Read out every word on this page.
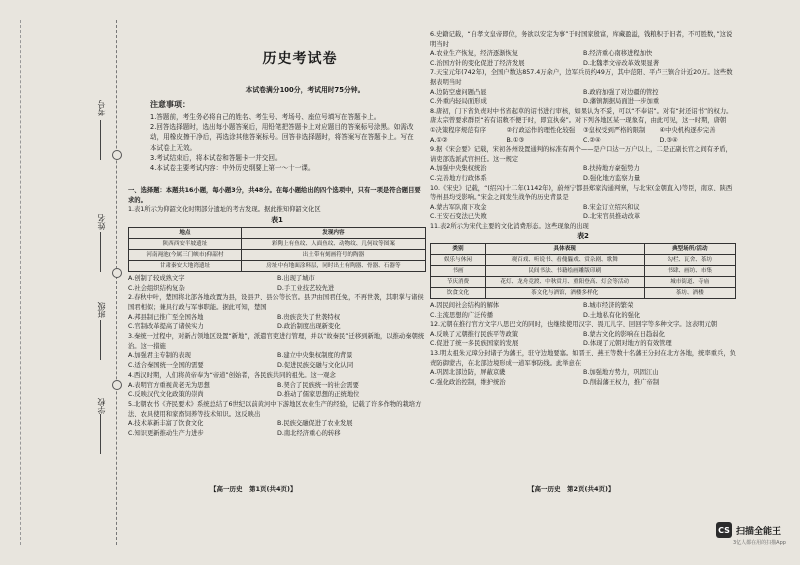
考号
姓名
班级
学校
历史考试卷
本试卷满分100分，考试用时75分钟。
注意事项：

1.答题前，考生务必将自己的姓名、考生号、考场号、座位号填写在答题卡上。

2.回答选择题时，选出每小题答案后，用铅笔把答题卡上对应题目的答案标号涂黑。如需改动，用橡皮擦干净后，再选涂其他答案标号。回答非选择题时，将答案写在答题卡上。写在本试卷上无效。

3.考试结束后，将本试卷和答题卡一并交回。

4.本试卷主要考试内容：中外历史纲要上第一～十一课。

一、选择题：本题共16小题，每小题3分，共48分。在每小题给出的四个选项中，只有一项是符合题目要求的。

1.表1所示为仰韶文化时期部分遗址的考古发现。据此推知仰韶文化区

表1
地点	发现内容
陕西西安半坡遗址	彩陶上有鱼纹、人面鱼纹、动物纹、几何纹等图案
河南渑池(今属三门峡市)仰韶村	出土带有刻画符号的陶器
甘肃秦安大地湾遗址	房址中有地面涂料层，同时出土有陶器、骨器、石器等
A.创制了较成熟文字	B.出现了城市
C.社会组织结构复杂	D.手工业技艺较先进

2.春秋中叶，楚国将北部各地改置为县，设县尹、县公等长官。县尹由国君任免，不再世袭，其职掌与诸侯国君相似；兼具行政与军事职能。据此可知，楚国

A.邦县制已推广至全国各地	B.贵族丧失了世袭特权
C.官制改革提高了诸侯实力	D.政治制度出现新变化

3.秦统一过程中，对新占领地区设置“新地”，派遣官吏进行管理，并以“故秦民”迁移到新地，以推动秦朝统治。这一措施

A.加强君主专制的表现	B.建立中央集权制度的背景
C.适合秦国统一全国的需要	D.促进民族交融与文化认同

4.西汉时期，人们将黄帝奉为“帝道”创始者，各民族共同的祖先。这一观念

A.表明官方重视黄老无为思想	B.契合了民族统一的社会需要
C.反映汉代文化政策的崇尚	D.推动了儒家思想的正统地位

5.北朝农书《齐民要术》系统总结了6世纪以前黄河中下游地区农业生产的经验，记载了许多作物的栽培方法、农具使用和家畜饲养等技术知识。这反映出

A.技术革新丰富了饮食文化	B.民族交融促进了农业发展
C.知识更新推动生产力进步	D.南北经济重心的转移
【高一历史　第1页(共4页)】

6.史籍记载，“自孝文皇帝即位，务欲以安定为事”于时国家殷富，库藏盈溢，钱粮积于旧者，不可胜数，”这说明当时

A.农业生产恢复，经济逐渐恢复	B.经济重心南移进程加快
C.治国方针的变化促进了经济发展	D.北魏孝文帝改革效果显著

7.天宝元年(742年)，全国户数达857.4万余户，边军兵员约49万，其中范阳、平卢三镇合计近20万。这些数据表明当时

A.边防空虚问题凸显	B.政府加强了对边疆的管控
C.外重内轻局面形成	D.藩镇割据局面进一步加重

8.唐初，门下省负责对中书省起草的诏书进行审核，如果认为不妥，可以“不奉诏”。对有“封还诏书”的权力。唐太宗曾要求群臣“若有诏敕不便于时，即宜执奏”。对下列各地区某一现象有，由此可见，这一时期，唐朝

①决策程序规范有序	②行政运作的理性化较强	③皇权受到严格的限制	④中央机构逐步完善
A.①②	B.①③	C.②④	D.③④

9.据《宋会要》记载，宋初各州设置通判的标准有两个——是户口达一万户以上，二是正副长官之间有矛盾，请吏部选派武官担任。这一规定

A.加强中央集权统治	B.扶持地方豪强势力
C.完善地方行政体系	D.强化地方监察力量

10.《宋史》记载，“(绍兴)十二年(1142年)，蔚州宁都县郑家沟通判寨，与北宋(金朝直入)等臣，南京、陕西等州县均受影响。”宋金之间发生战争的历史背景是

A.蒙古军队南下攻金	B.宋金订立绍兴和议
C.王安石变法已失败	D.北宋官员推动改革

11.表2所示为宋代主要的文化消费形态。这些现象的出现

表2
类别	具体表现	典型场所/活动
娱乐与休闲	观百戏、听说书、看傀儡戏、赏杂剧、歌舞	勾栏、瓦舍、茶坊
书画	民间书法、书籍绘画雕版印刷	书肆、画坊、市集
节庆消费	花灯、龙舟竞渡、中秋赏月、重阳登高、灯会等活动	城市街道、寺庙
饮食文化	茶文化与酒馆，酒楼多样化	茶坊、酒楼
A.因民间社会结构的解体	B.城市经济的繁荣
C.主流思想的广泛传播	D.土地私有化的强化

12.元朝在推行官方文字八思巴文的同时，也继续使用汉字、畏兀儿字、回回字等多种文字。这表明元朝

A.反映了元朝推行民族平等政策	B.蒙古文化的影响在日趋弱化
C.促进了统一多民族国家的发展	D.体现了元朝对地方的有效管理

13.明太祖朱元璋分封诸子为藩王，驻守边地要塞。如晋王、燕王等数十名藩王分封在北方各地，统率重兵，负责防御蒙古，在北部边境形成一道军事防线。此举意在

A.巩固北部边防，屏蔽京畿	B.加强地方势力，巩固江山
C.强化政治控制，维护统治	D.削弱藩王权力，推广帝制
【高一历史　第2页(共4页)】
CS 扫描全能王
3亿人都在用的扫描App
